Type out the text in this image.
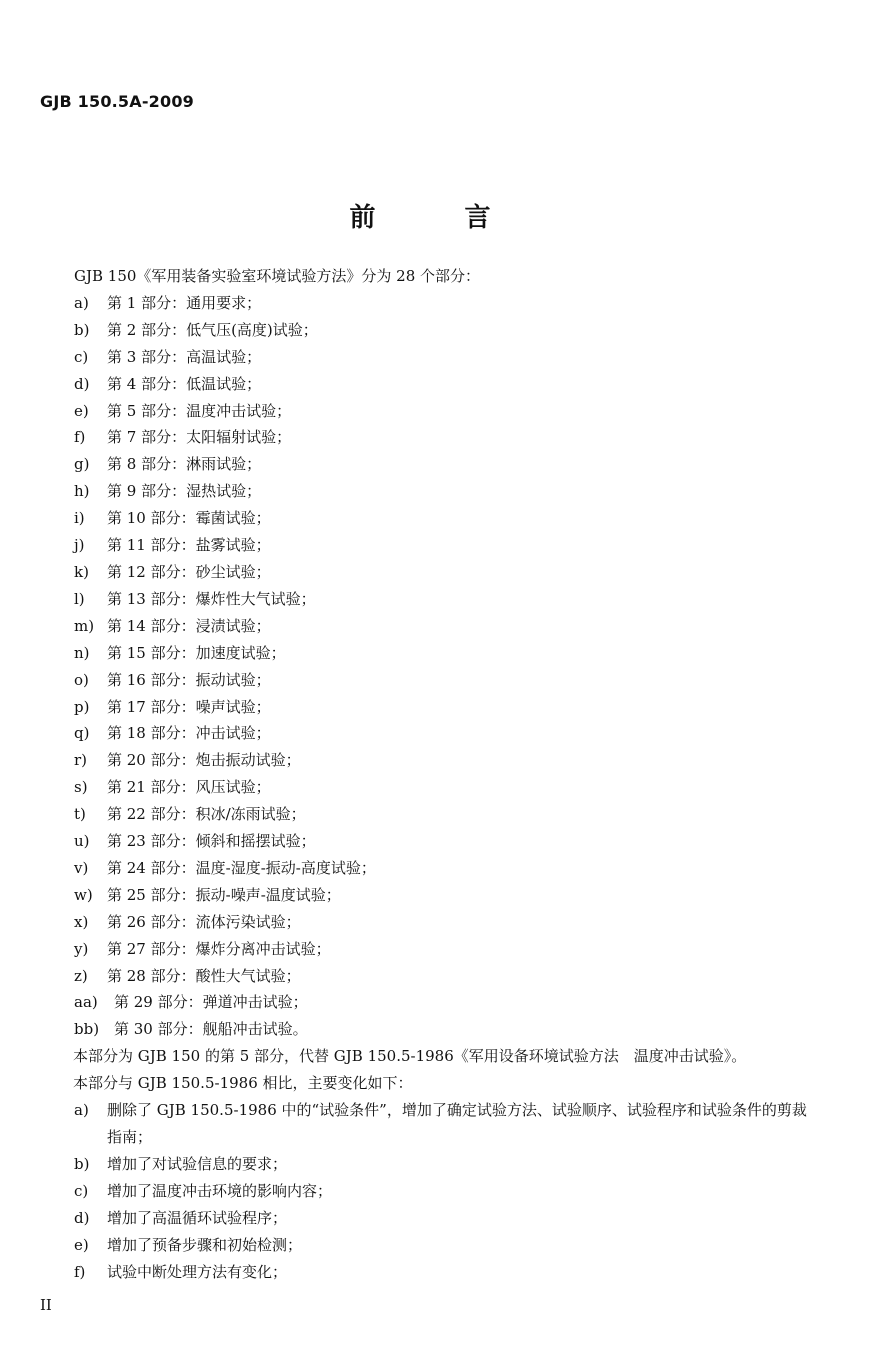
GJB 150.5A-2009
前 言

GJB 150《军用装备实验室环境试验方法》分为 28 个部分：

a)	第 1 部分：通用要求；
b)	第 2 部分：低气压(高度)试验；
c)	第 3 部分：高温试验；
d)	第 4 部分：低温试验；
e)	第 5 部分：温度冲击试验；
f)	第 7 部分：太阳辐射试验；
g)	第 8 部分：淋雨试验；
h)	第 9 部分：湿热试验；
i)	第 10 部分：霉菌试验；
j)	第 11 部分：盐雾试验；
k)	第 12 部分：砂尘试验；
l)	第 13 部分：爆炸性大气试验；
m) 第 14 部分：浸渍试验；
n)	第 15 部分：加速度试验；
o)	第 16 部分：振动试验；
p)	第 17 部分：噪声试验；
q)	第 18 部分：冲击试验；
r)	第 20 部分：炮击振动试验；
s)	第 21 部分：风压试验；
t)	第 22 部分：积冰/冻雨试验；
u)	第 23 部分：倾斜和摇摆试验；
v)	第 24 部分：温度-湿度-振动-高度试验；
w) 第 25 部分：振动-噪声-温度试验；
x)	第 26 部分：流体污染试验；
y)	第 27 部分：爆炸分离冲击试验；
z)	第 28 部分：酸性大气试验；
aa)	第 29 部分：弹道冲击试验；
bb) 第 30 部分：舰船冲击试验。

本部分为 GJB 150 的第 5 部分，代替 GJB 150.5-1986《军用设备环境试验方法　温度冲击试验》。

本部分与 GJB 150.5-1986 相比，主要变化如下：

a)	删除了 GJB 150.5-1986 中的“试验条件”，增加了确定试验方法、试验顺序、试验程序和试验条件的剪裁指南；
b)	增加了对试验信息的要求；
c)	增加了温度冲击环境的影响内容；
d)	增加了高温循环试验程序；
e)	增加了预备步骤和初始检测；
f)	试验中断处理方法有变化；
II
